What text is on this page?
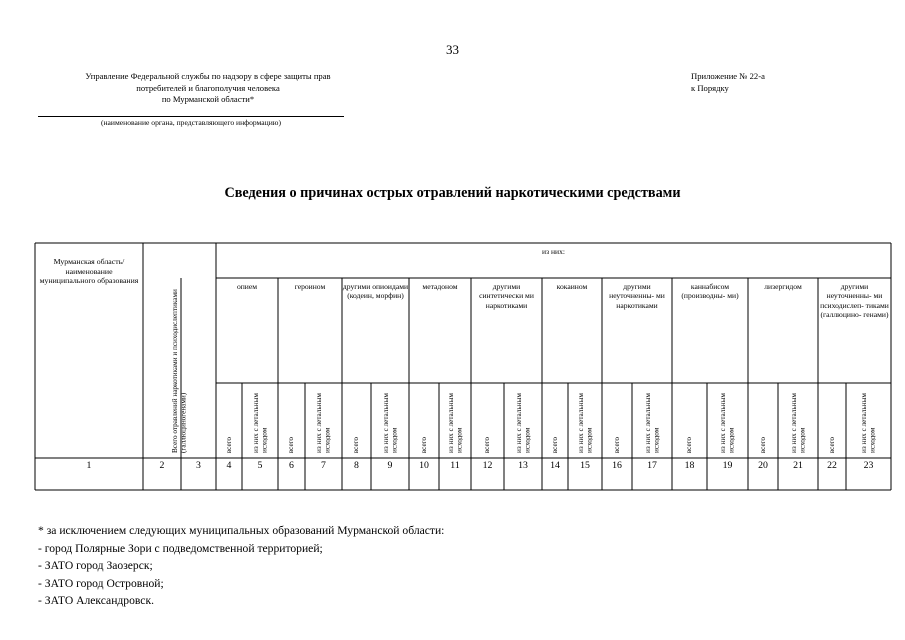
33
Управление Федеральной службы по надзору в сфере защиты прав
потребителей и благополучия человека
по Мурманской области*
(наименование органа, представляющего информацию)
Приложение № 22-а
к Порядку
Сведения о причинах острых отравлений наркотическими средствами
Мурманская область/ наименование муниципального образования
Всего отравлений наркотиками и психодислептиками (галлюциногенами)
из них:
опием
всего	из них с летальным исходом
героином
всего	из них с летальным исходом
другими опиоидами (кодеин, морфин)
всего	из них с летальным исходом
метадоном
всего	из них с летальным исходом
другими синтетически ми наркотиками
всего	из них с летальным исходом
кокаином
всего из них с летальным исходом
другими неуточненны- ми наркотиками
всего	из них с летальным исходом
каннабисом (производны- ми)
всего	из них с летальным исходом
лизергидом
всего	из них с летальным исходом
другими неуточненны- ми психодислеп- тиками (галлюцино- генами)
всего	из них с летальным исходом
1	2	3	4	5	6	7	8	9	10 11 12	13 14 15 16	17	18	19	20	21 22	23
* за исключением следующих муниципальных образований Мурманской области:
- город Полярные Зори с подведомственной территорией;
- ЗАТО город Заозерск;
- ЗАТО город Островной;
- ЗАТО Александровск.
